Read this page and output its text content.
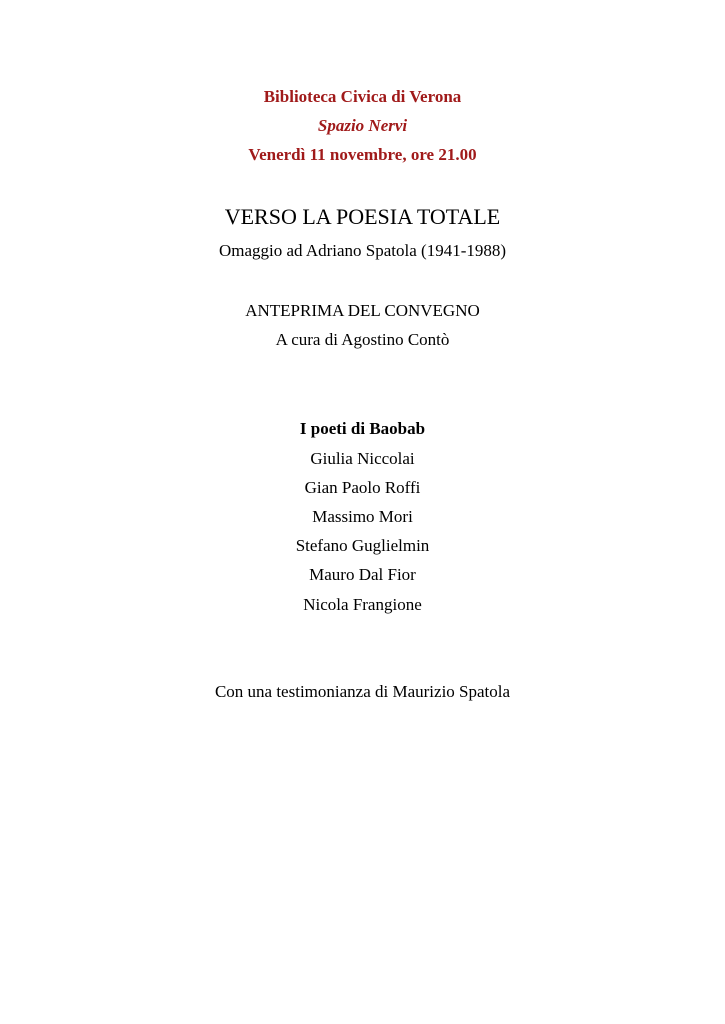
Biblioteca Civica di Verona
Spazio Nervi
Venerdì 11 novembre, ore 21.00
VERSO LA POESIA TOTALE
Omaggio ad Adriano Spatola (1941-1988)
ANTEPRIMA DEL CONVEGNO
A cura di Agostino Contò
I poeti di Baobab
Giulia Niccolai
Gian Paolo Roffi
Massimo Mori
Stefano Guglielmin
Mauro Dal Fior
Nicola Frangione
Con una testimonianza di Maurizio Spatola
